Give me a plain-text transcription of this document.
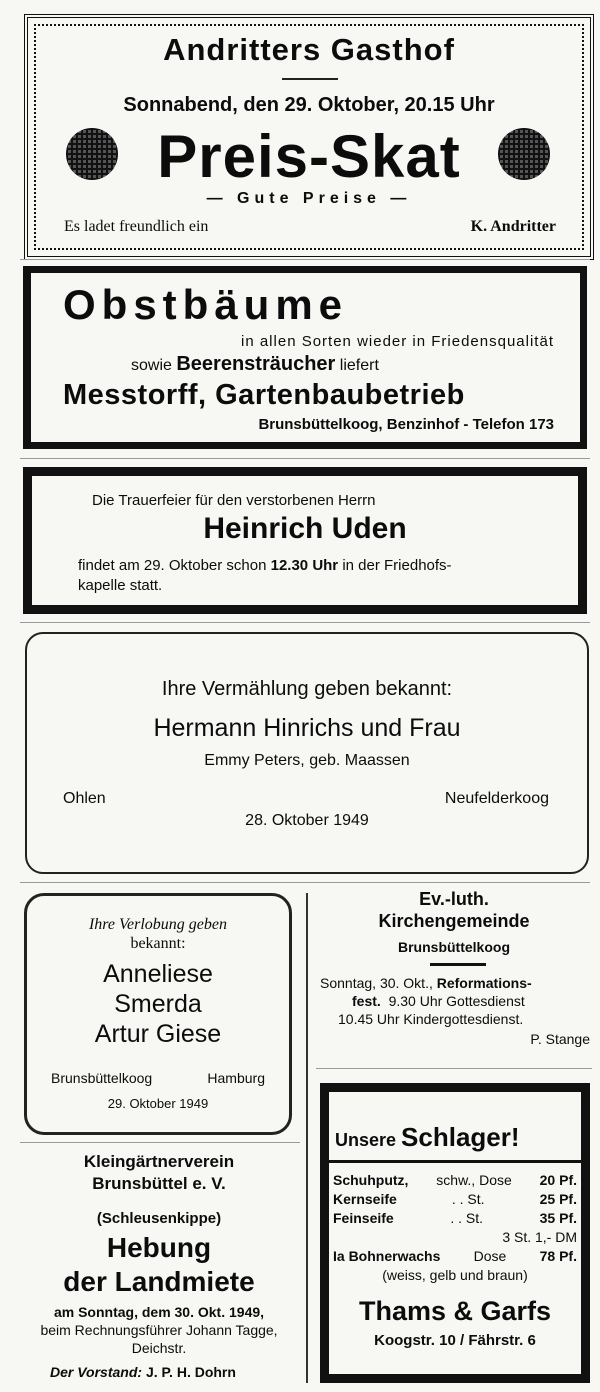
Andritters Gasthof
Sonnabend, den 29. Oktober, 20.15 Uhr
Preis-Skat
— Gute Preise —
Es ladet freundlich ein	K. Andritter
Obstbäume
in allen Sorten wieder in Friedensqualität
sowie Beerensträucher liefert
Messtorff, Gartenbaubetrieb
Brunsbüttelkoog, Benzinhof - Telefon 173
Die Trauerfeier für den verstorbenen Herrn
Heinrich Uden
findet am 29. Oktober schon 12.30 Uhr in der Friedhofs-
kapelle statt.
Ihre Vermählung geben bekannt:
Hermann Hinrichs und Frau
Emmy Peters, geb. Maassen
Ohlen	Neufelderkoog
28. Oktober 1949
Ihre Verlobung geben
bekannt:
Anneliese
Smerda
Artur Giese
Brunsbüttelkoog	Hamburg
29. Oktober 1949
Ev.-luth.
Kirchengemeinde
Brunsbüttelkoog
Sonntag, 30. Okt., Reformations-
fest. 9.30 Uhr Gottesdienst
10.45 Uhr Kindergottesdienst.
P. Stange
Unsere Schlager!
Schuhputz, schw., Dose 20 Pf.
Kernseife	. . St.	25 Pf.
Feinseife	. . St.	35 Pf.
3 St. 1,- DM
Ia Bohnerwachs Dose 78 Pf.
(weiss, gelb und braun)
Thams & Garfs
Koogstr. 10 / Fährstr. 6
Kleingärtnerverein
Brunsbüttel e. V.
(Schleusenkippe)
Hebung
der Landmiete
am Sonntag, dem 30. Okt. 1949,
beim Rechnungsführer Johann Tagge,
Deichstr.
Der Vorstand: J. P. H. Dohrn
